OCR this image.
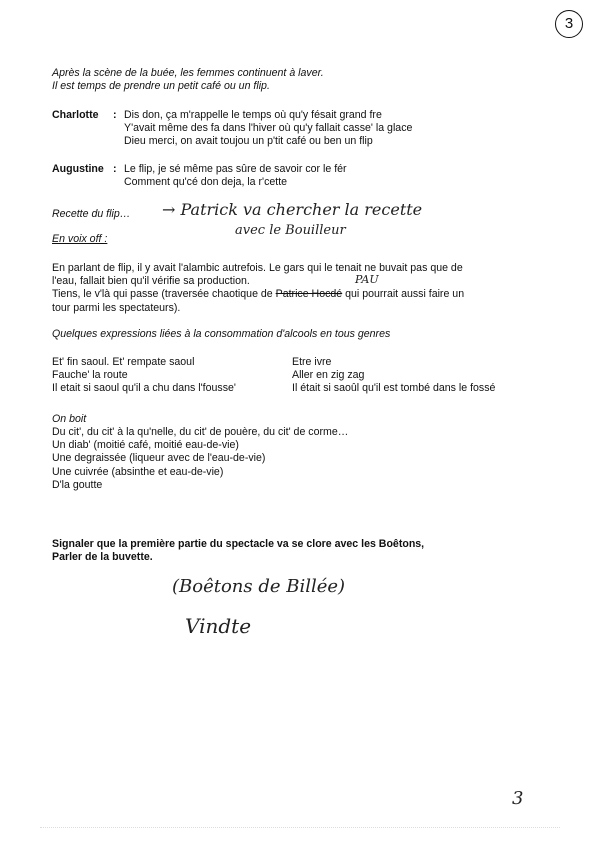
3
Après la scène de la buée, les femmes continuent à laver.
Il est temps de prendre un petit café ou un flip.
Charlotte	: Dis don, ça m'rappelle le temps où qu'y fésait grand fre
Y'avait même des fa dans l'hiver où qu'y fallait casse' la glace
Dieu merci, on avait toujou un p'tit café ou ben un flip
Augustine : Le flip, je sé même pas sûre de savoir cor le fér
Comment qu'cé don deja, la r'cette
Recette du flip…
En voix off :
→ Patrick va chercher la recette
avec le Bouilleur
En parlant de flip, il y avait l'alambic autrefois. Le gars qui le tenait ne buvait pas que de
l'eau, fallait bien qu'il vérifie sa production.
Tiens, le v'là qui passe (traversée chaotique de Patrice Hocdé qui pourrait aussi faire un
tour parmi les spectateurs).
PAU
Quelques expressions liées à la consommation d'alcools en tous genres
Et' fin saoul. Et' rempate saoul
Fauche' la route
Il etait si saoul qu'il a chu dans l'fousse'
Etre ivre
Aller en zig zag
Il était si saoûl qu'il est tombé dans le fossé
On boit
Du cit', du cit' à la qu'nelle, du cit' de pouère, du cit' de corme…
Un diab' (moitié café, moitié eau-de-vie)
Une degraissée (liqueur avec de l'eau-de-vie)
Une cuivrée (absinthe et eau-de-vie)
D'la goutte
Signaler que la première partie du spectacle va se clore avec les Boêtons,
Parler de la buvette.
(Boêtons de Billée)
Vindte
3
